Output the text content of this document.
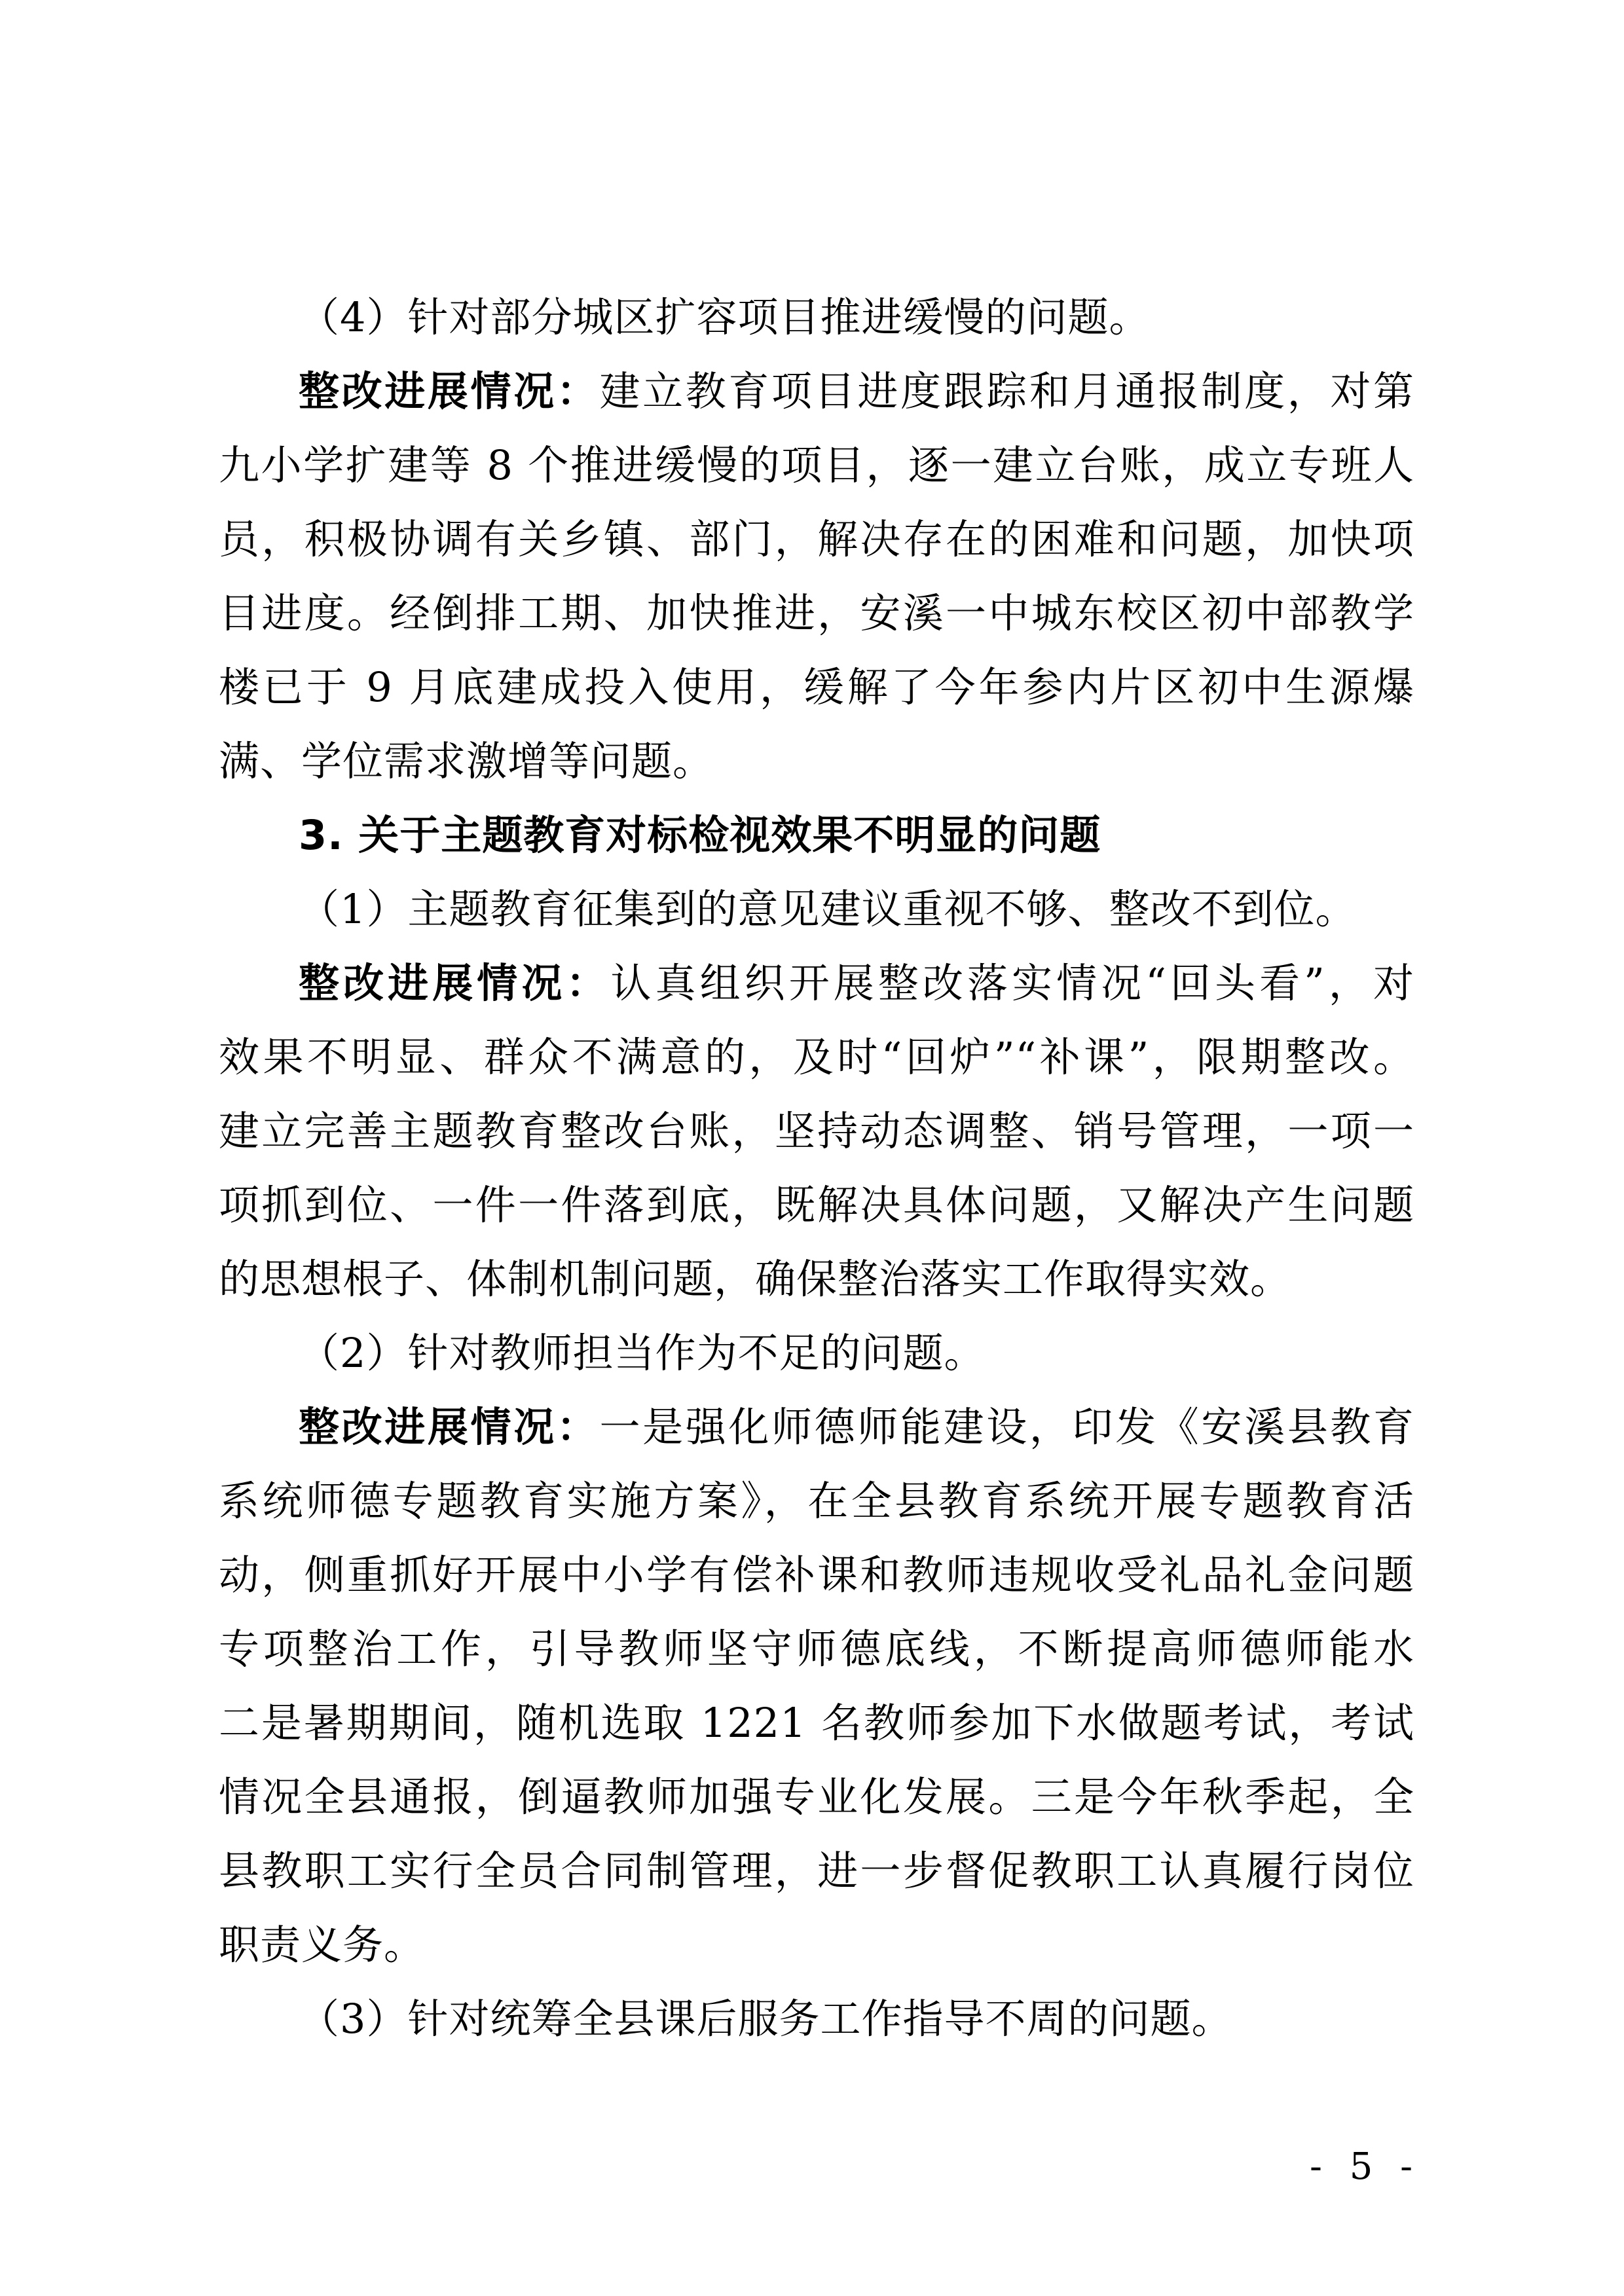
（4）针对部分城区扩容项目推进缓慢的问题。
整改进展情况：建立教育项目进度跟踪和月通报制度，对第
九小学扩建等 8 个推进缓慢的项目，逐一建立台账，成立专班人
员，积极协调有关乡镇、部门，解决存在的困难和问题，加快项
目进度。经倒排工期、加快推进，安溪一中城东校区初中部教学
楼已于 9 月底建成投入使用，缓解了今年参内片区初中生源爆
满、学位需求激增等问题。
3. 关于主题教育对标检视效果不明显的问题
（1）主题教育征集到的意见建议重视不够、整改不到位。
整改进展情况：认真组织开展整改落实情况“回头看”，对
效果不明显、群众不满意的，及时“回炉”“补课”，限期整改。
建立完善主题教育整改台账，坚持动态调整、销号管理，一项一
项抓到位、一件一件落到底，既解决具体问题，又解决产生问题
的思想根子、体制机制问题，确保整治落实工作取得实效。
（2）针对教师担当作为不足的问题。
整改进展情况：一是强化师德师能建设，印发《安溪县教育
系统师德专题教育实施方案》，在全县教育系统开展专题教育活
动，侧重抓好开展中小学有偿补课和教师违规收受礼品礼金问题
专项整治工作，引导教师坚守师德底线，不断提高师德师能水
二是暑期期间，随机选取 1221 名教师参加下水做题考试，考试
情况全县通报，倒逼教师加强专业化发展。三是今年秋季起，全
县教职工实行全员合同制管理，进一步督促教职工认真履行岗位
职责义务。
（3）针对统筹全县课后服务工作指导不周的问题。
- 5 -
